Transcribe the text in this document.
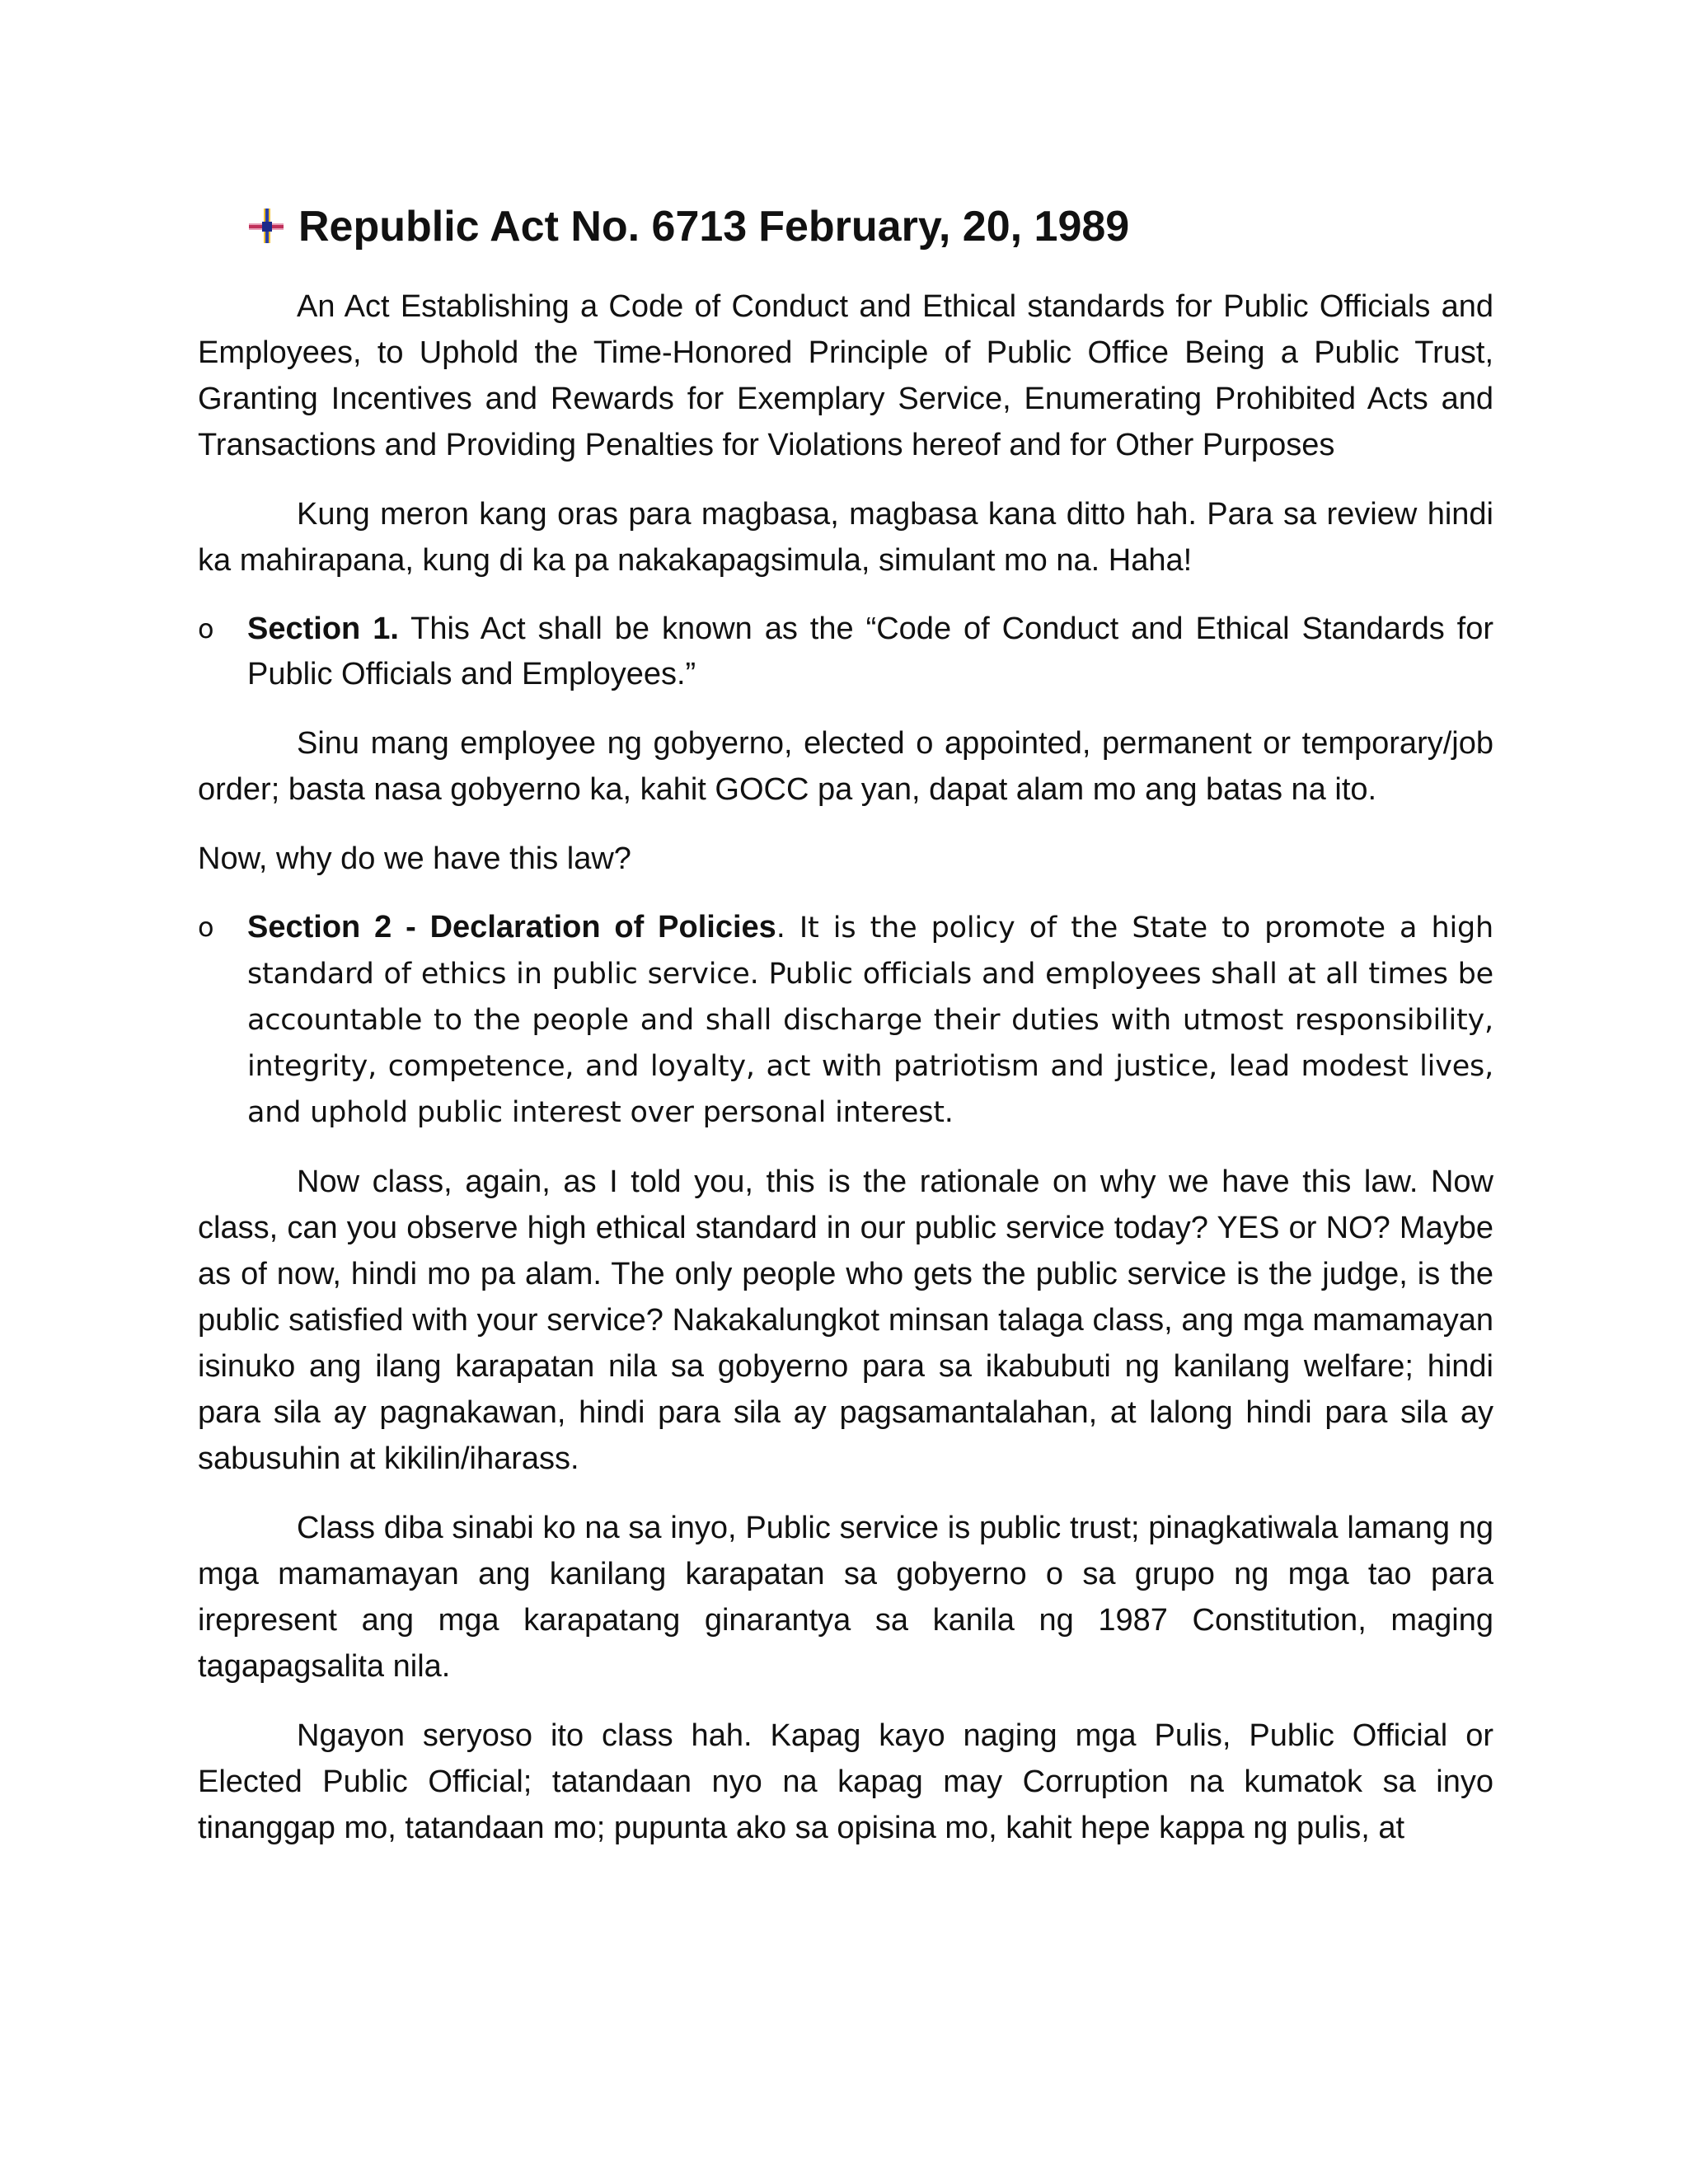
Republic Act No. 6713 February, 20, 1989

An Act Establishing a Code of Conduct and Ethical standards for Public Officials and Employees, to Uphold the Time-Honored Principle of Public Office Being a Public Trust, Granting Incentives and Rewards for Exemplary Service, Enumerating Prohibited Acts and Transactions and Providing Penalties for Violations hereof and for Other Purposes

Kung meron kang oras para magbasa, magbasa kana ditto hah. Para sa review hindi ka mahirapana, kung di ka pa nakakapagsimula, simulant mo na. Haha!

o Section 1. This Act shall be known as the “Code of Conduct and Ethical Standards for Public Officials and Employees.”

Sinu mang employee ng gobyerno, elected o appointed, permanent or temporary/job order; basta nasa gobyerno ka, kahit GOCC pa yan, dapat alam mo ang batas na ito.

Now, why do we have this law?

o Section 2 - Declaration of Policies. It is the policy of the State to promote a high standard of ethics in public service. Public officials and employees shall at all times be accountable to the people and shall discharge their duties with utmost responsibility, integrity, competence, and loyalty, act with patriotism and justice, lead modest lives, and uphold public interest over personal interest.

Now class, again, as I told you, this is the rationale on why we have this law. Now class, can you observe high ethical standard in our public service today? YES or NO? Maybe as of now, hindi mo pa alam. The only people who gets the public service is the judge, is the public satisfied with your service? Nakakalungkot minsan talaga class, ang mga mamamayan isinuko ang ilang karapatan nila sa gobyerno para sa ikabubuti ng kanilang welfare; hindi para sila ay pagnakawan, hindi para sila ay pagsamantalahan, at lalong hindi para sila ay sabusuhin at kikilin/iharass.

Class diba sinabi ko na sa inyo, Public service is public trust; pinagkatiwala lamang ng mga mamamayan ang kanilang karapatan sa gobyerno o sa grupo ng mga tao para irepresent ang mga karapatang ginarantya sa kanila ng 1987 Constitution, maging tagapagsalita nila.

Ngayon seryoso ito class hah. Kapag kayo naging mga Pulis, Public Official or Elected Public Official; tatandaan nyo na kapag may Corruption na kumatok sa inyo tinanggap mo, tatandaan mo; pupunta ako sa opisina mo, kahit hepe kappa ng pulis, at
